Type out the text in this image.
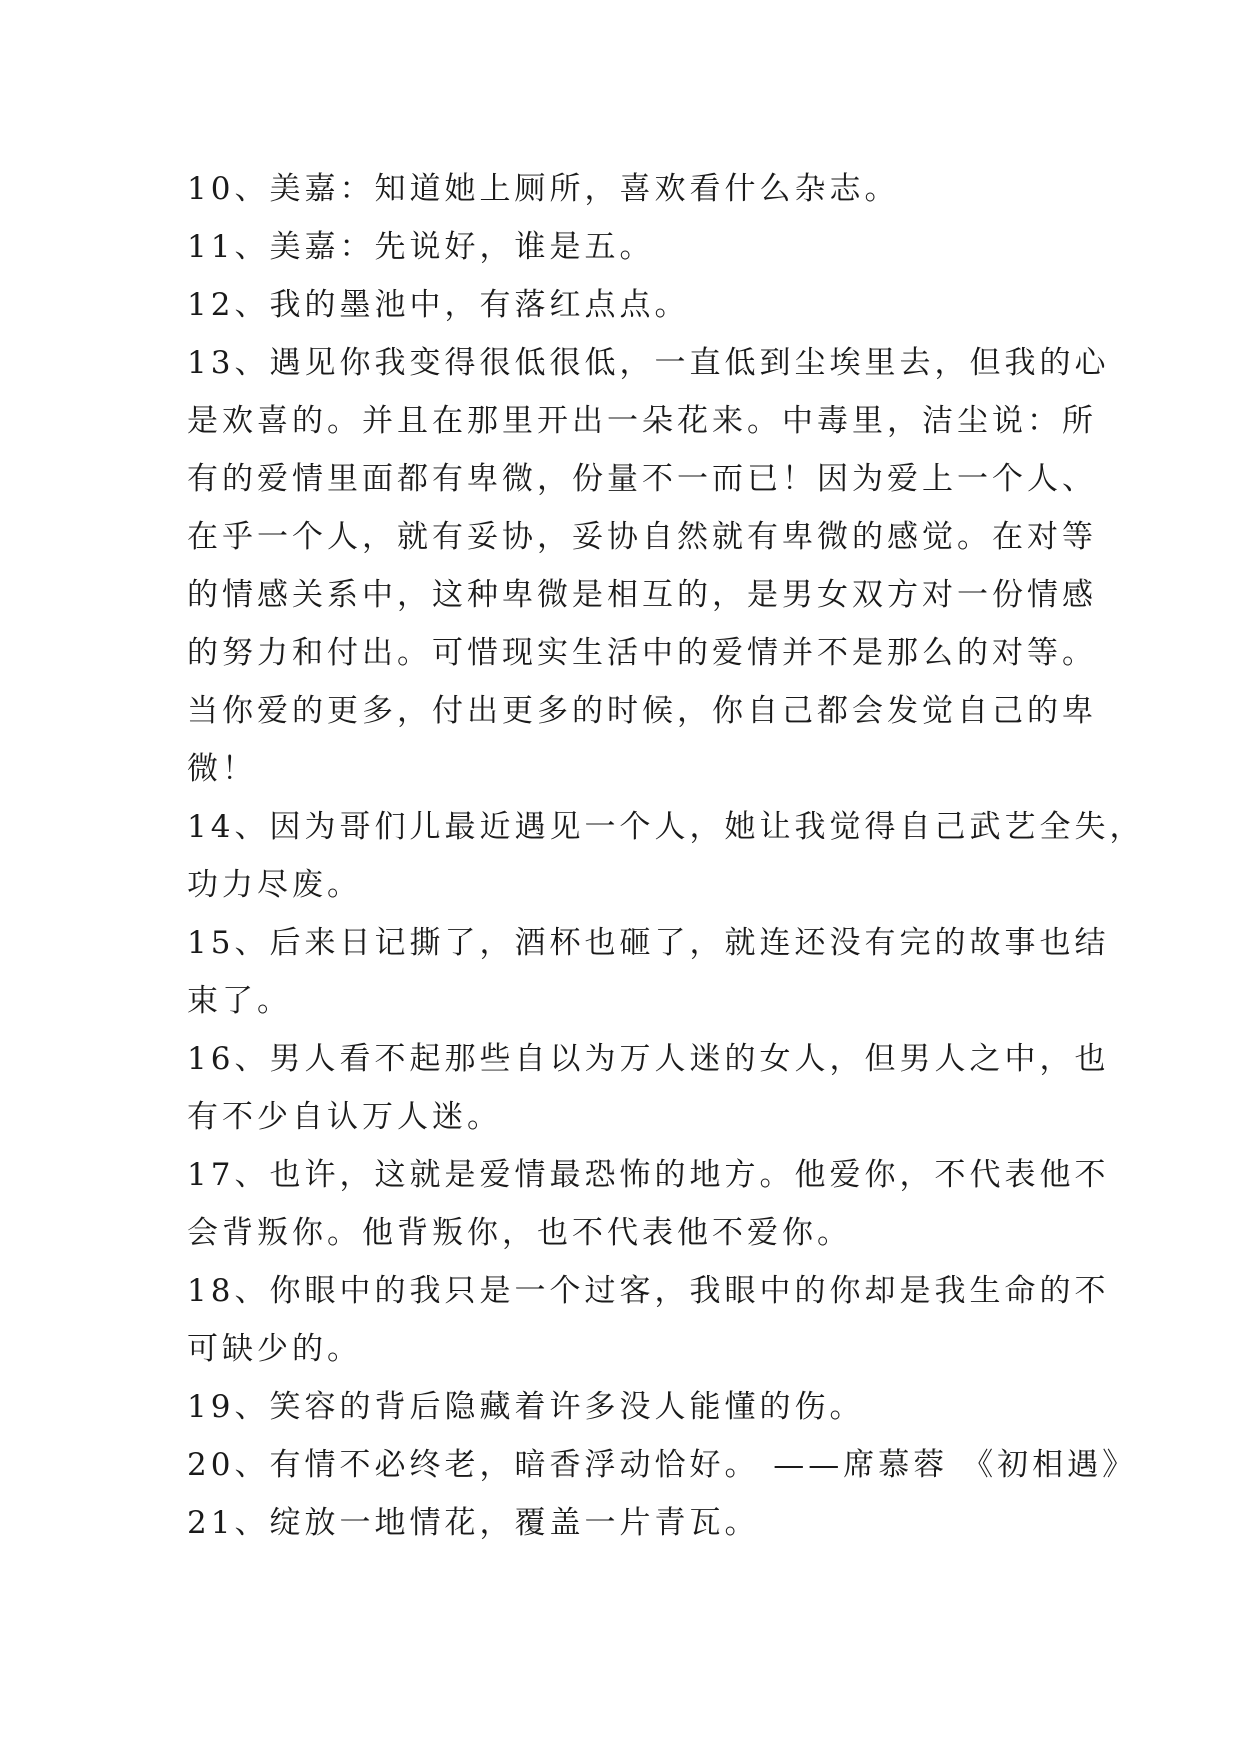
10、美嘉：知道她上厕所，喜欢看什么杂志。
11、美嘉：先说好，谁是五。
12、我的墨池中，有落红点点。
13、遇见你我变得很低很低，一直低到尘埃里去，但我的心
是欢喜的。并且在那里开出一朵花来。中毒里，洁尘说：所
有的爱情里面都有卑微，份量不一而已！因为爱上一个人、
在乎一个人，就有妥协，妥协自然就有卑微的感觉。在对等
的情感关系中，这种卑微是相互的，是男女双方对一份情感
的努力和付出。可惜现实生活中的爱情并不是那么的对等。
当你爱的更多，付出更多的时候，你自己都会发觉自己的卑
微！
14、因为哥们儿最近遇见一个人，她让我觉得自己武艺全失，
功力尽废。
15、后来日记撕了，酒杯也砸了，就连还没有完的故事也结
束了。
16、男人看不起那些自以为万人迷的女人，但男人之中，也
有不少自认万人迷。
17、也许，这就是爱情最恐怖的地方。他爱你，不代表他不
会背叛你。他背叛你，也不代表他不爱你。
18、你眼中的我只是一个过客，我眼中的你却是我生命的不
可缺少的。
19、笑容的背后隐藏着许多没人能懂的伤。
20、有情不必终老，暗香浮动恰好。 ——席慕蓉 《初相遇》
21、绽放一地情花，覆盖一片青瓦。
